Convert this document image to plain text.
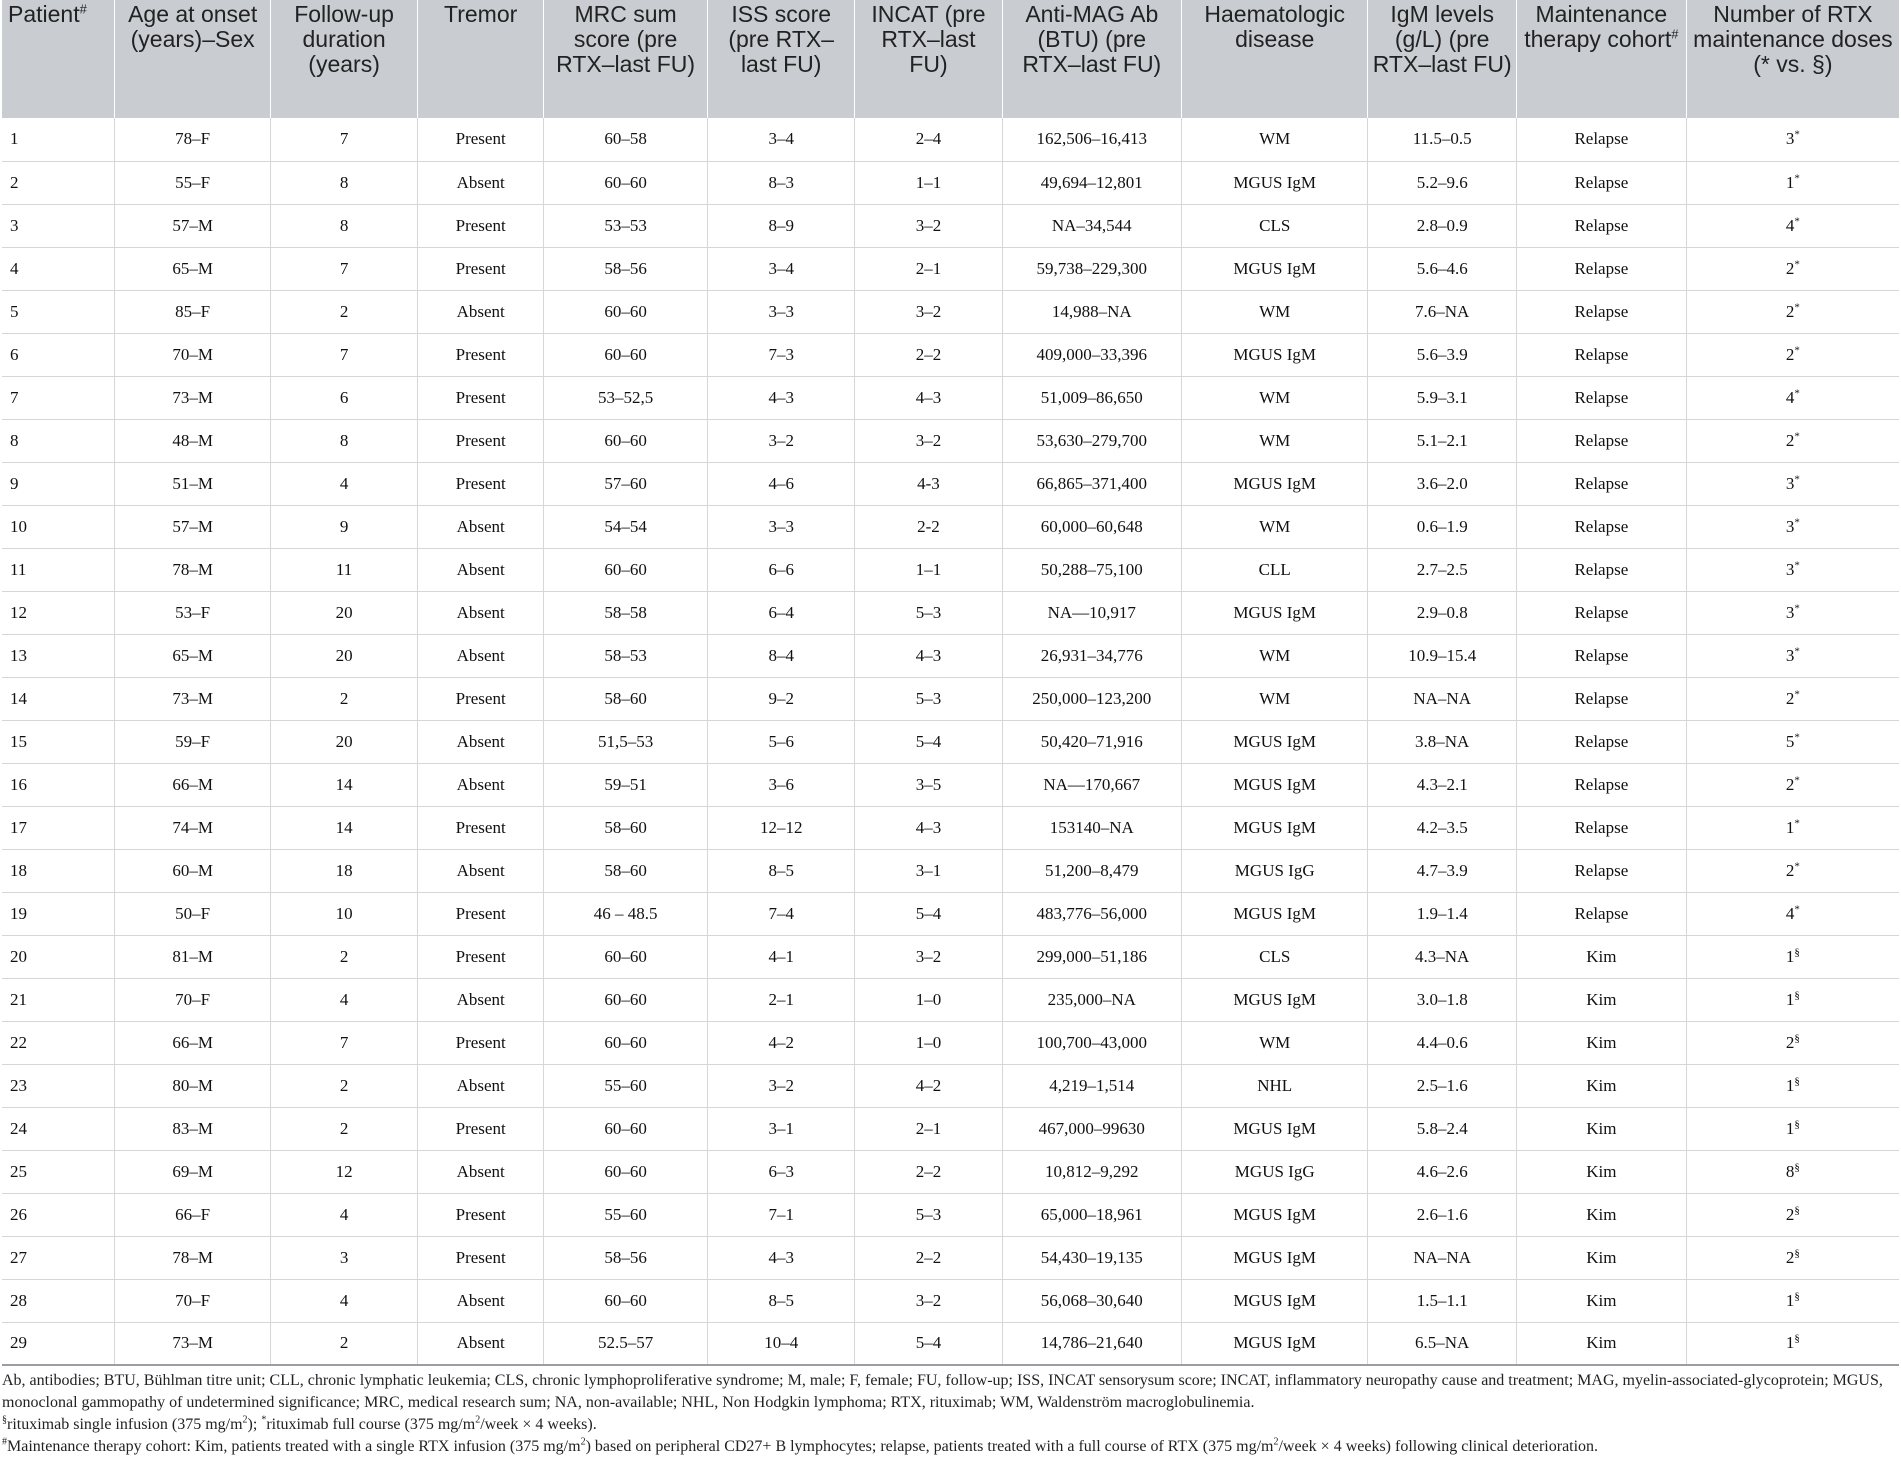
Patient#	Age at onset (years)–Sex	Follow-up duration (years)	Tremor	MRC sum score (pre RTX–last FU)	ISS score (pre RTX–last FU)	INCAT (pre RTX–last FU)	Anti-MAG Ab (BTU) (pre RTX–last FU)	Haematologic disease	IgM levels (g/L) (pre RTX–last FU)	Maintenance therapy cohort#	Number of RTX maintenance doses (* vs. §)
1	78–F	7	Present	60–58	3–4	2–4	162,506–16,413	WM	11.5–0.5	Relapse	3*
2	55–F	8	Absent	60–60	8–3	1–1	49,694–12,801	MGUS IgM	5.2–9.6	Relapse	1*
3	57–M	8	Present	53–53	8–9	3–2	NA–34,544	CLS	2.8–0.9	Relapse	4*
4	65–M	7	Present	58–56	3–4	2–1	59,738–229,300	MGUS IgM	5.6–4.6	Relapse	2*
5	85–F	2	Absent	60–60	3–3	3–2	14,988–NA	WM	7.6–NA	Relapse	2*
6	70–M	7	Present	60–60	7–3	2–2	409,000–33,396	MGUS IgM	5.6–3.9	Relapse	2*
7	73–M	6	Present	53–52,5	4–3	4–3	51,009–86,650	WM	5.9–3.1	Relapse	4*
8	48–M	8	Present	60–60	3–2	3–2	53,630–279,700	WM	5.1–2.1	Relapse	2*
9	51–M	4	Present	57–60	4–6	4-3	66,865–371,400	MGUS IgM	3.6–2.0	Relapse	3*
10	57–M	9	Absent	54–54	3–3	2-2	60,000–60,648	WM	0.6–1.9	Relapse	3*
11	78–M	11	Absent	60–60	6–6	1–1	50,288–75,100	CLL	2.7–2.5	Relapse	3*
12	53–F	20	Absent	58–58	6–4	5–3	NA—10,917	MGUS IgM	2.9–0.8	Relapse	3*
13	65–M	20	Absent	58–53	8–4	4–3	26,931–34,776	WM	10.9–15.4	Relapse	3*
14	73–M	2	Present	58–60	9–2	5–3	250,000–123,200	WM	NA–NA	Relapse	2*
15	59–F	20	Absent	51,5–53	5–6	5–4	50,420–71,916	MGUS IgM	3.8–NA	Relapse	5*
16	66–M	14	Absent	59–51	3–6	3–5	NA—170,667	MGUS IgM	4.3–2.1	Relapse	2*
17	74–M	14	Present	58–60	12–12	4–3	153140–NA	MGUS IgM	4.2–3.5	Relapse	1*
18	60–M	18	Absent	58–60	8–5	3–1	51,200–8,479	MGUS IgG	4.7–3.9	Relapse	2*
19	50–F	10	Present	46 – 48.5	7–4	5–4	483,776–56,000	MGUS IgM	1.9–1.4	Relapse	4*
20	81–M	2	Present	60–60	4–1	3–2	299,000–51,186	CLS	4.3–NA	Kim	1§
21	70–F	4	Absent	60–60	2–1	1–0	235,000–NA	MGUS IgM	3.0–1.8	Kim	1§
22	66–M	7	Present	60–60	4–2	1–0	100,700–43,000	WM	4.4–0.6	Kim	2§
23	80–M	2	Absent	55–60	3–2	4–2	4,219–1,514	NHL	2.5–1.6	Kim	1§
24	83–M	2	Present	60–60	3–1	2–1	467,000–99630	MGUS IgM	5.8–2.4	Kim	1§
25	69–M	12	Absent	60–60	6–3	2–2	10,812–9,292	MGUS IgG	4.6–2.6	Kim	8§
26	66–F	4	Present	55–60	7–1	5–3	65,000–18,961	MGUS IgM	2.6–1.6	Kim	2§
27	78–M	3	Present	58–56	4–3	2–2	54,430–19,135	MGUS IgM	NA–NA	Kim	2§
28	70–F	4	Absent	60–60	8–5	3–2	56,068–30,640	MGUS IgM	1.5–1.1	Kim	1§
29	73–M	2	Absent	52.5–57	10–4	5–4	14,786–21,640	MGUS IgM	6.5–NA	Kim	1§

Ab, antibodies; BTU, Bühlman titre unit; CLL, chronic lymphatic leukemia; CLS, chronic lymphoproliferative syndrome; M, male; F, female; FU, follow-up; ISS, INCAT sensorysum score; INCAT, inflammatory neuropathy cause and treatment; MAG, myelin-associated-glycoprotein; MGUS, monoclonal gammopathy of undetermined significance; MRC, medical research sum; NA, non-available; NHL, Non Hodgkin lymphoma; RTX, rituximab; WM, Waldenström macroglobulinemia.

§rituximab single infusion (375 $mg/m^2$); *rituximab full course (375 $mg/m^2$/week × 4 weeks).

#Maintenance therapy cohort: Kim, patients treated with a single RTX infusion (375 $mg/m^2$) based on peripheral CD27+ B lymphocytes; relapse, patients treated with a full course of RTX (375 $mg/m^2$/week × 4 weeks) following clinical deterioration.
